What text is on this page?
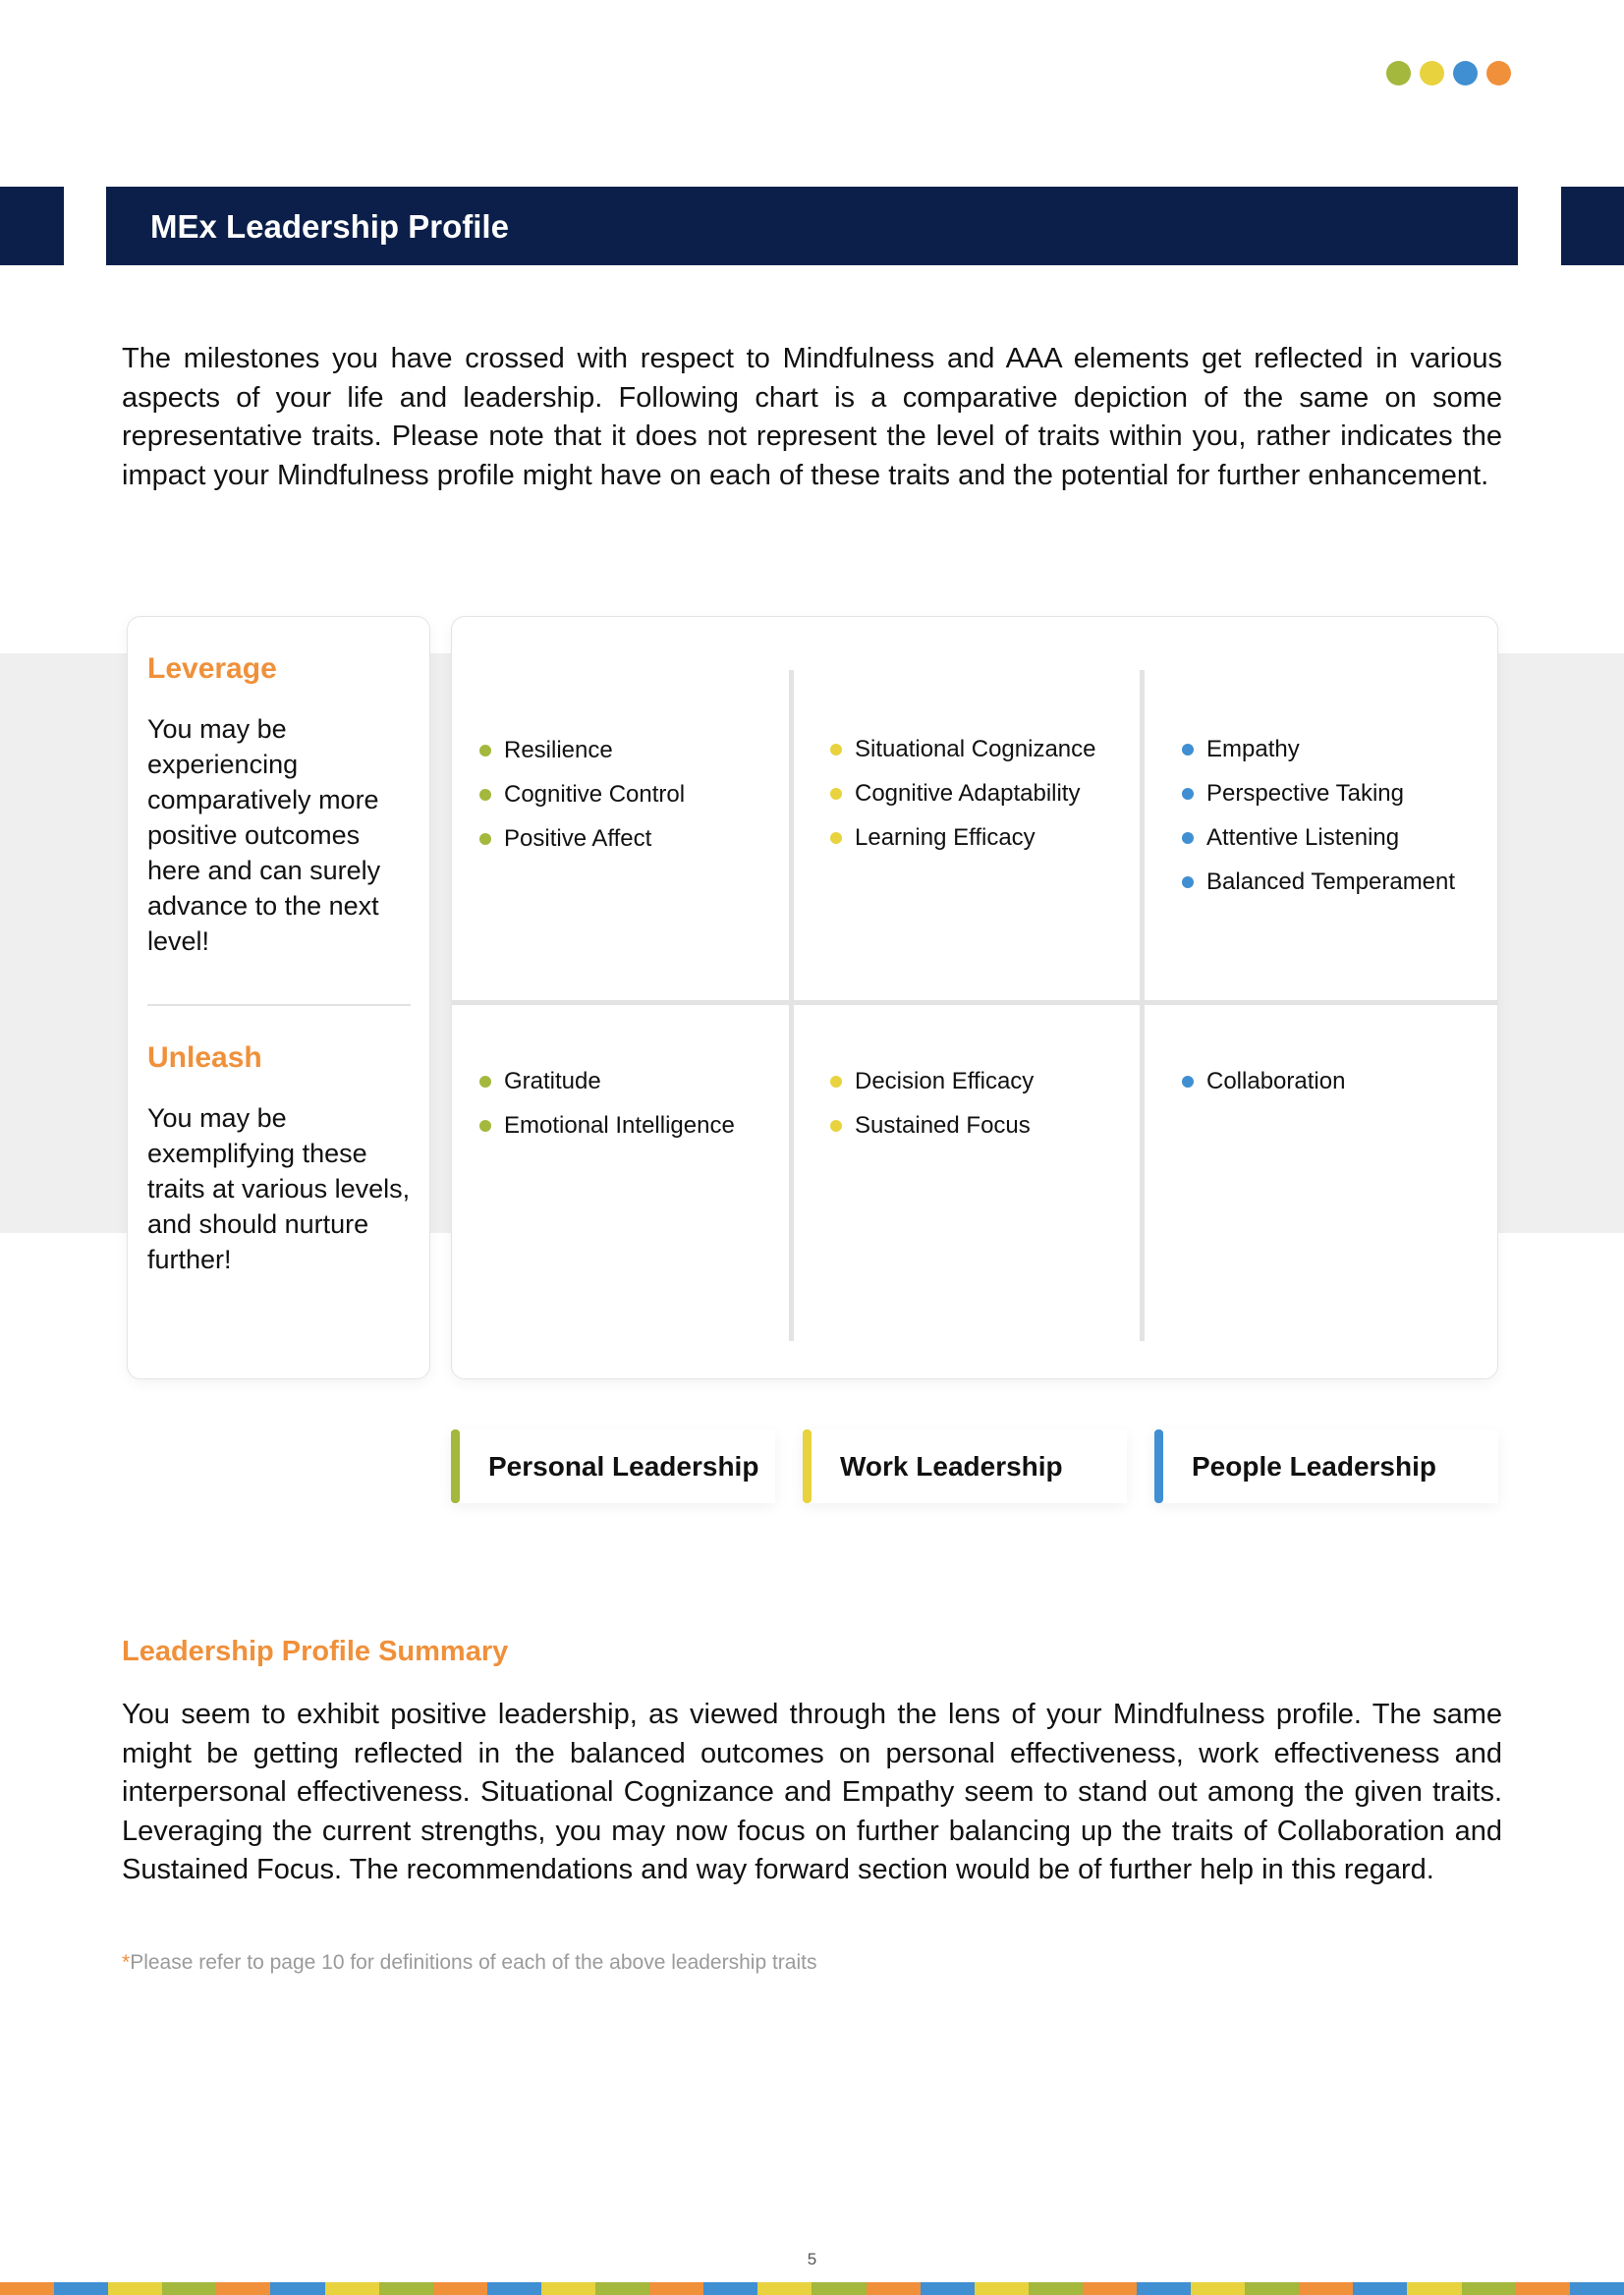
MEx Leadership Profile

The milestones you have crossed with respect to Mindfulness and AAA elements get reflected in various aspects of your life and leadership. Following chart is a comparative depiction of the same on some representative traits. Please note that it does not represent the level of traits within you, rather indicates the impact your Mindfulness profile might have on each of these traits and the potential for further enhancement.

Leverage
You may be experiencing comparatively more positive outcomes here and can surely advance to the next level!
Unleash
You may be exemplifying these traits at various levels, and should nurture further!
Resilience
Cognitive Control
Positive Affect
Situational Cognizance
Cognitive Adaptability
Learning Efficacy
Empathy
Perspective Taking
Attentive Listening
Balanced Temperament
Gratitude
Emotional Intelligence
Decision Efficacy
Sustained Focus
Collaboration
Personal Leadership	Work Leadership	People Leadership
Leadership Profile Summary

You seem to exhibit positive leadership, as viewed through the lens of your Mindfulness profile. The same might be getting reflected in the balanced outcomes on personal effectiveness, work effectiveness and interpersonal effectiveness. Situational Cognizance and Empathy seem to stand out among the given traits. Leveraging the current strengths, you may now focus on further balancing up the traits of Collaboration and Sustained Focus. The recommendations and way forward section would be of further help in this regard.

*Please refer to page 10 for definitions of each of the above leadership traits
5
